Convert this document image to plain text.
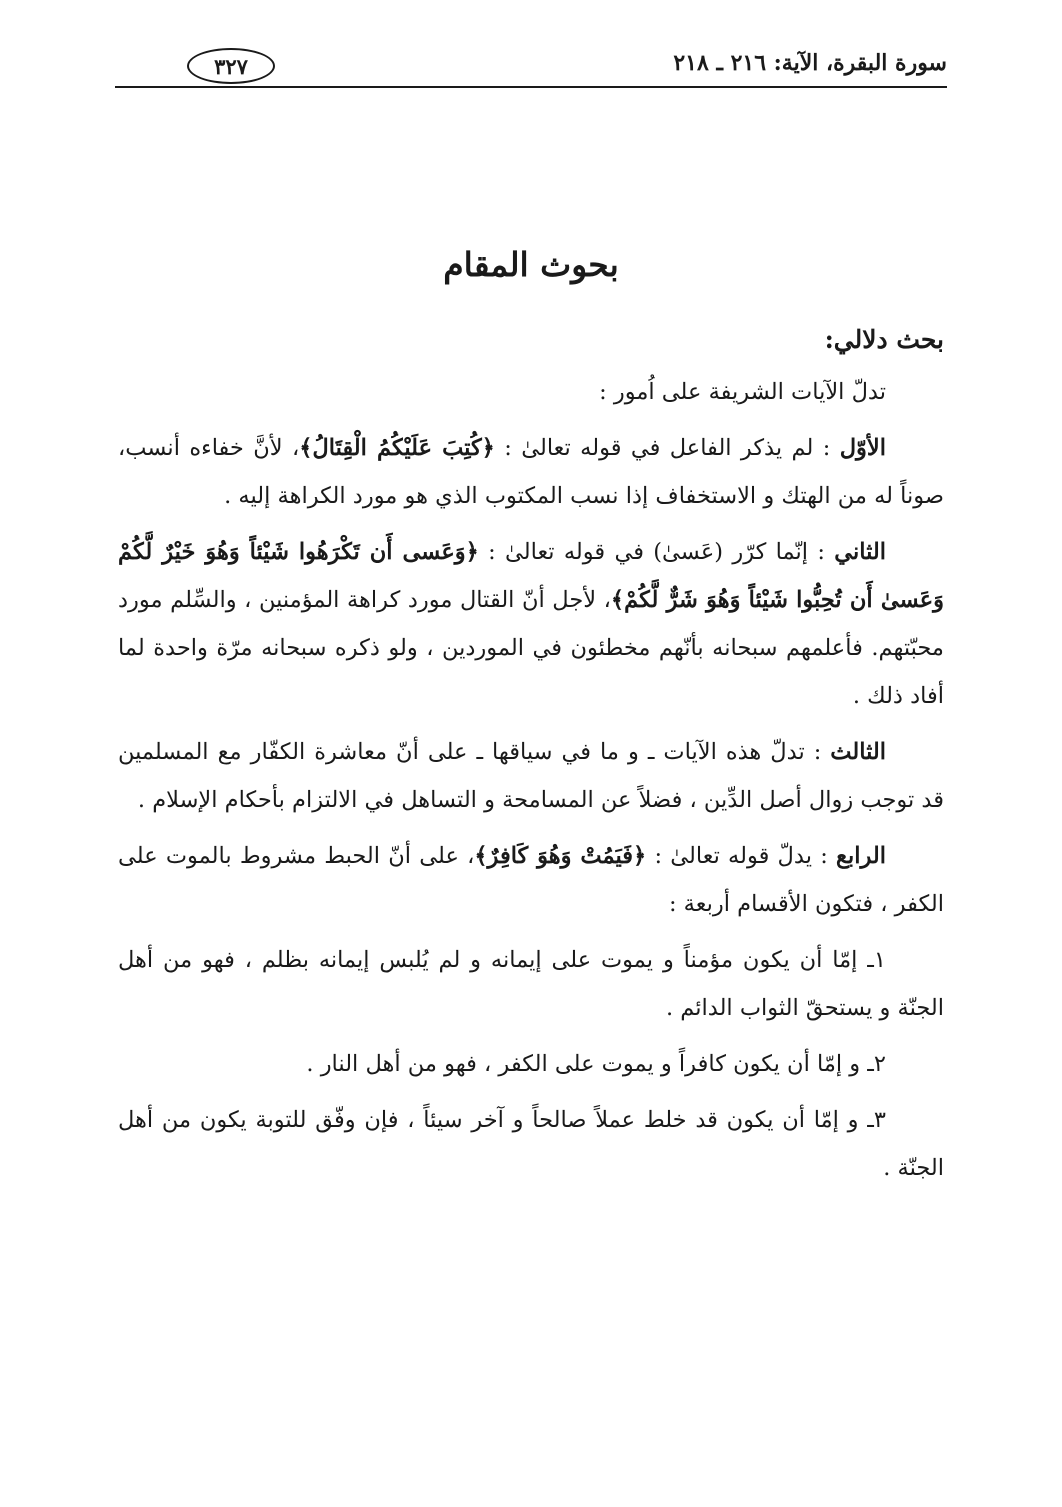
سورة البقرة، الآية: ٢١٦ ـ ٢١٨
٣٢٧
بحوث المقام
بحث دلالي:

تدلّ الآيات الشريفة على اُمور :

الأوّل : لم يذكر الفاعل في قوله تعالىٰ : ﴿كُتِبَ عَلَيْكُمُ الْقِتَالُ﴾، لأنَّ خفاءه أنسب، صوناً له من الهتك و الاستخفاف إذا نسب المكتوب الذي هو مورد الكراهة إليه .

الثاني : إنّما كرّر (عَسىٰ) في قوله تعالىٰ : ﴿وَعَسى أَن تَكْرَهُوا شَيْئاً وَهُوَ خَيْرٌ لَّكُمْ وَعَسىٰ أَن تُحِبُّوا شَيْئاً وَهُوَ شَرٌّ لَّكُمْ﴾، لأجل أنّ القتال مورد كراهة المؤمنين ، والسِّلم مورد محبّتهم. فأعلمهم سبحانه بأنّهم مخطئون في الموردين ، ولو ذكره سبحانه مرّة واحدة لما أفاد ذلك .

الثالث : تدلّ هذه الآيات ـ و ما في سياقها ـ على أنّ معاشرة الكفّار مع المسلمين قد توجب زوال أصل الدِّين ، فضلاً عن المسامحة و التساهل في الالتزام بأحكام الإسلام .

الرابع : يدلّ قوله تعالىٰ : ﴿فَيَمُتْ وَهُوَ كَافِرٌ﴾، على أنّ الحبط مشروط بالموت على الكفر ، فتكون الأقسام أربعة :

١ـ إمّا أن يكون مؤمناً و يموت على إيمانه و لم يُلبس إيمانه بظلم ، فهو من أهل الجنّة و يستحقّ الثواب الدائم .

٢ـ و إمّا أن يكون كافراً و يموت على الكفر ، فهو من أهل النار .

٣ـ و إمّا أن يكون قد خلط عملاً صالحاً و آخر سيئاً ، فإن وفّق للتوبة يكون من أهل الجنّة .
